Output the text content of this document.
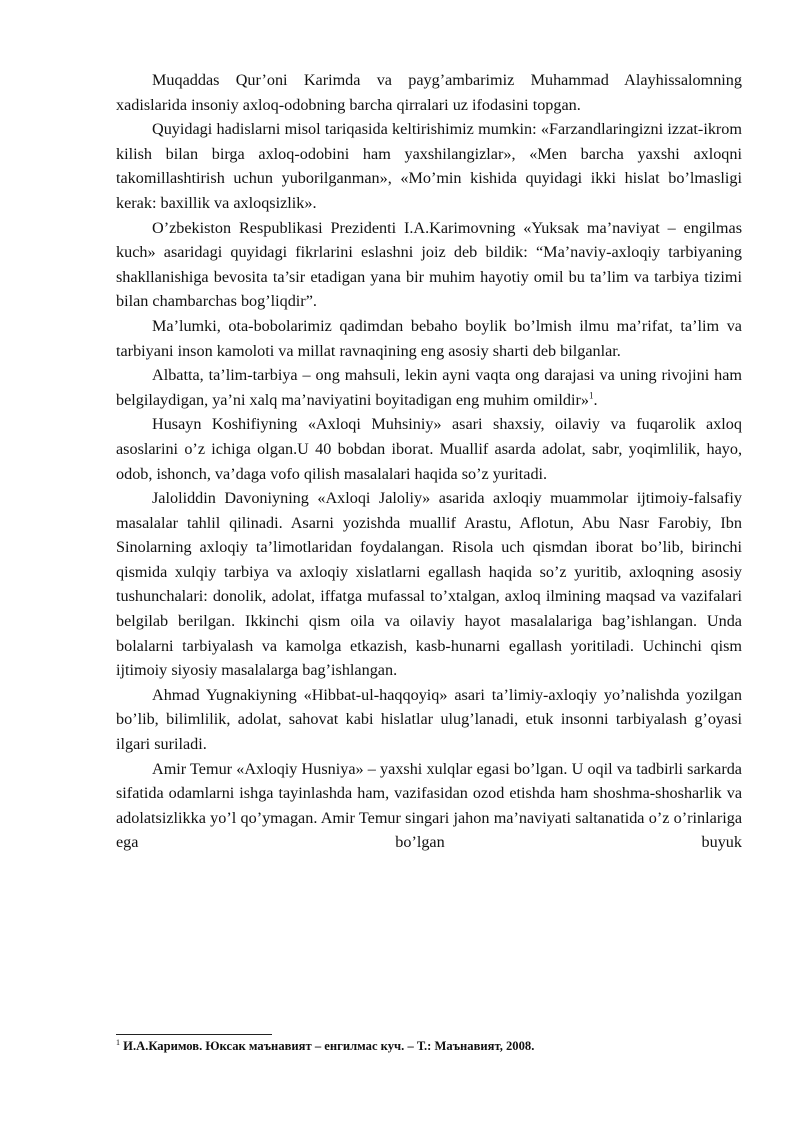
Muqaddas Qur’oni Karimda va payg’ambarimiz Muhammad Alayhissalomning xadislarida insoniy axloq-odobning barcha qirralari uz ifodasini topgan.

Quyidagi hadislarni misol tariqasida keltirishimiz mumkin: «Farzandlaringizni izzat-ikrom kilish bilan birga axloq-odobini ham yaxshilangizlar», «Men barcha yaxshi axloqni takomillashtirish uchun yuborilganman», «Mo’min kishida quyidagi ikki hislat bo’lmasligi kerak: baxillik va axloqsizlik».

O’zbekiston Respublikasi Prezidenti I.A.Karimovning «Yuksak ma’naviyat – engilmas kuch» asaridagi quyidagi fikrlarini eslashni joiz deb bildik: “Ma’naviy-axloqiy tarbiyaning shakllanishiga bevosita ta’sir etadigan yana bir muhim hayotiy omil bu ta’lim va tarbiya tizimi bilan chambarchas bog’liqdir”.

Ma’lumki, ota-bobolarimiz qadimdan bebaho boylik bo’lmish ilmu ma’rifat, ta’lim va tarbiyani inson kamoloti va millat ravnaqining eng asosiy sharti deb bilganlar.

Albatta, ta’lim-tarbiya – ong mahsuli, lekin ayni vaqta ong darajasi va uning rivojini ham belgilaydigan, ya’ni xalq ma’naviyatini boyitadigan eng muhim omildir»$^1$.

Husayn Koshifiyning «Axloqi Muhsiniy» asari shaxsiy, oilaviy va fuqarolik axloq asoslarini o’z ichiga olgan.U 40 bobdan iborat. Muallif asarda adolat, sabr, yoqimlilik, hayo, odob, ishonch, va’daga vofo qilish masalalari haqida so’z yuritadi.

Jaloliddin Davoniyning «Axloqi Jaloliy» asarida axloqiy muammolar ijtimoiy-falsafiy masalalar tahlil qilinadi. Asarni yozishda muallif Arastu, Aflotun, Abu Nasr Farobiy, Ibn Sinolarning axloqiy ta’limotlaridan foydalangan. Risola uch qismdan iborat bo’lib, birinchi qismida xulqiy tarbiya va axloqiy xislatlarni egallash haqida so’z yuritib, axloqning asosiy tushunchalari: donolik, adolat, iffatga mufassal to’xtalgan, axloq ilmining maqsad va vazifalari belgilab berilgan. Ikkinchi qism oila va oilaviy hayot masalalariga bag’ishlangan. Unda bolalarni tarbiyalash va kamolga etkazish, kasb-hunarni egallash yoritiladi. Uchinchi qism ijtimoiy siyosiy masalalarga bag’ishlangan.

Ahmad Yugnakiyning «Hibbat-ul-haqqoyiq» asari ta’limiy-axloqiy yo’nalishda yozilgan bo’lib, bilimlilik, adolat, sahovat kabi hislatlar ulug’lanadi, etuk insonni tarbiyalash g’oyasi ilgari suriladi.

Amir Temur «Axloqiy Husniya» – yaxshi xulqlar egasi bo’lgan. U oqil va tadbirli sarkarda sifatida odamlarni ishga tayinlashda ham, vazifasidan ozod etishda ham shoshma-shosharlik va adolatsizlikka yo’l qo’ymagan. Amir Temur singari jahon ma’naviyati saltanatida o’z o’rinlariga ega bo’lgan buyuk

$^1$ И.А.Каримов. Юксак маънавият – енгилмас куч. – Т.: Маънавият, 2008.
